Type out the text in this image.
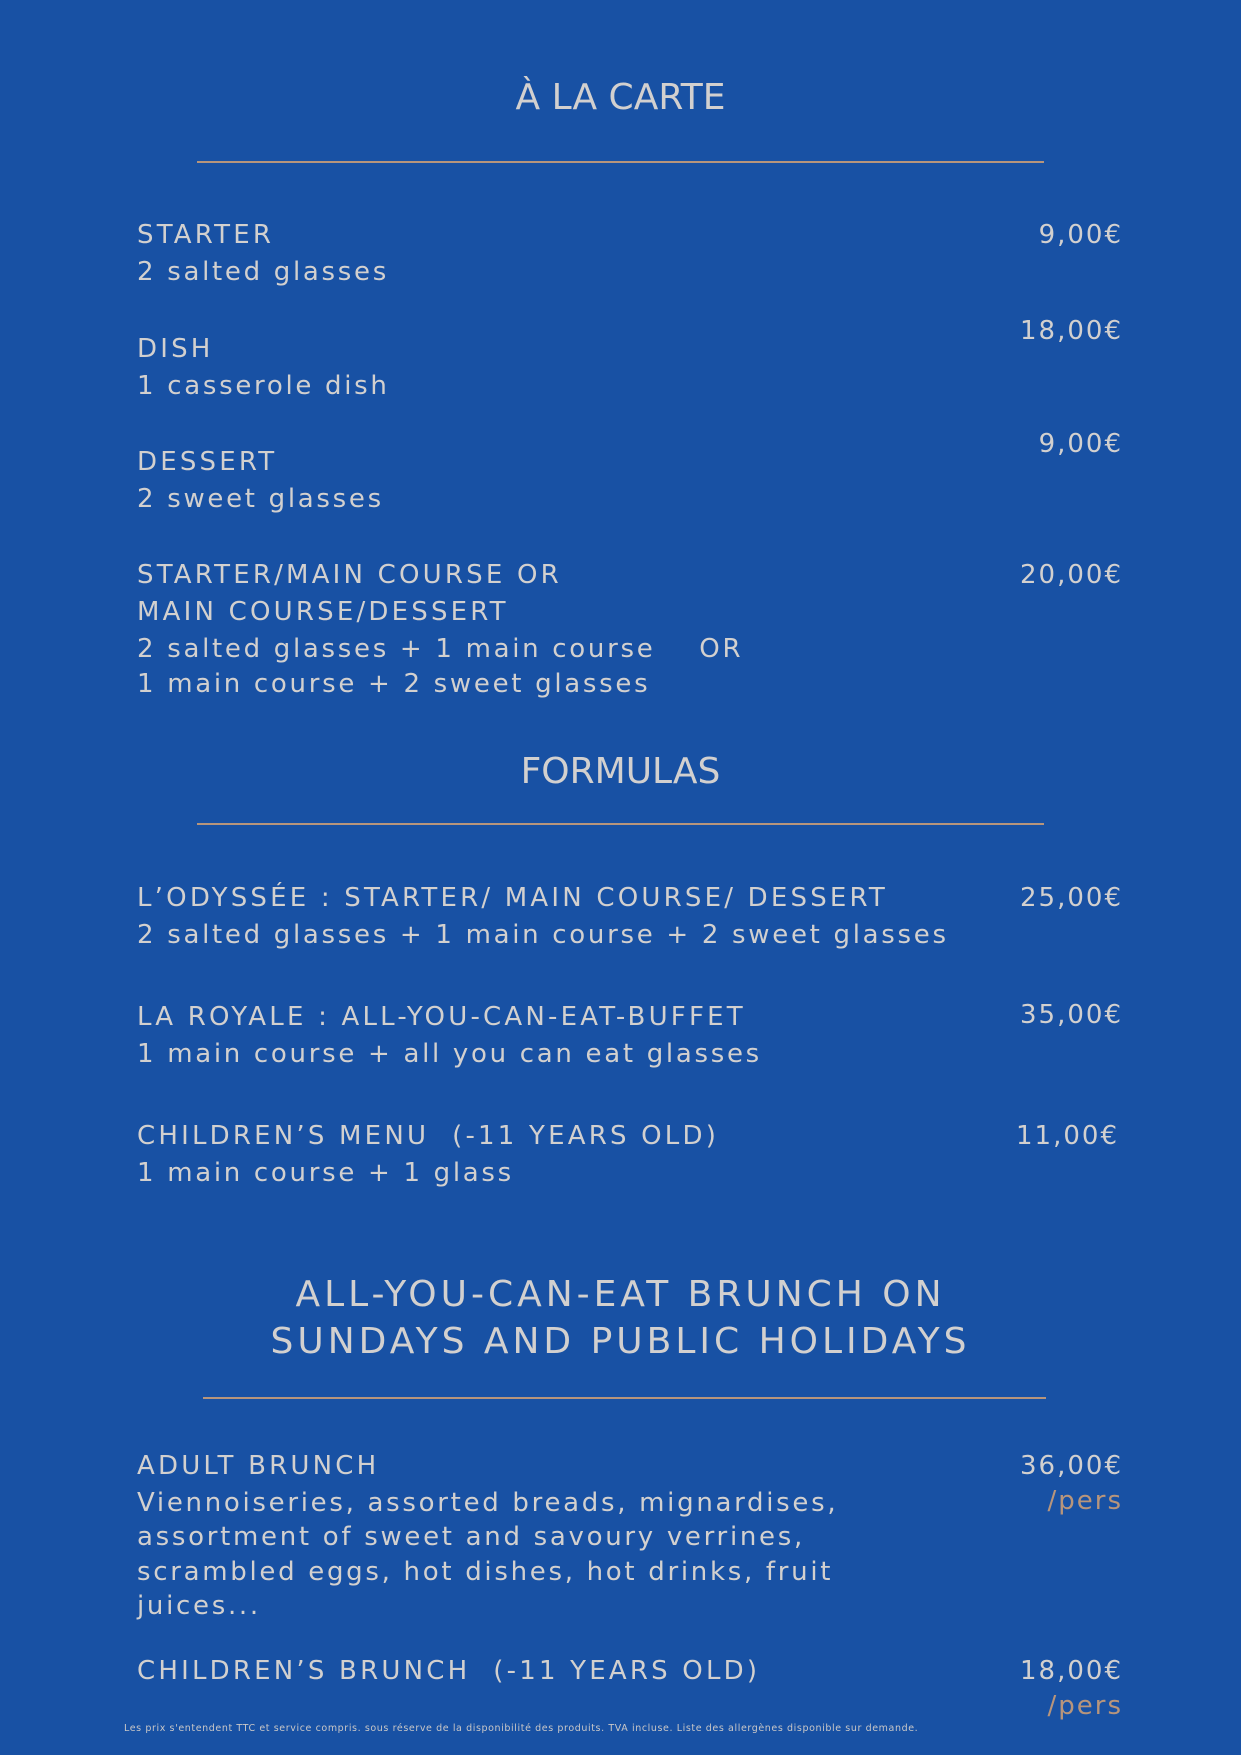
À LA CARTE
STARTER
2 salted glasses
9,00€
DISH
1 casserole dish
18,00€
DESSERT
2 sweet glasses
9,00€
STARTER/MAIN COURSE OR
MAIN COURSE/DESSERT
2 salted glasses + 1 main course    OR
1 main course + 2 sweet glasses
20,00€
FORMULAS
L’ODYSSÉE : STARTER/ MAIN COURSE/ DESSERT
2 salted glasses + 1 main course + 2 sweet glasses
25,00€
LA ROYALE : ALL-YOU-CAN-EAT-BUFFET
1 main course + all you can eat glasses
35,00€
CHILDREN’S MENU  (-11 YEARS OLD)
1 main course + 1 glass
11,00€
ALL-YOU-CAN-EAT BRUNCH ON
SUNDAYS AND PUBLIC HOLIDAYS
ADULT BRUNCH
Viennoiseries, assorted breads, mignardises,
assortment of sweet and savoury verrines,
scrambled eggs, hot dishes, hot drinks, fruit
juices...
36,00€
/pers
CHILDREN’S BRUNCH  (-11 YEARS OLD)	18,00€
/pers
Les prix s'entendent TTC et service compris. sous réserve de la disponibilité des produits. TVA incluse. Liste des allergènes disponible sur demande.
